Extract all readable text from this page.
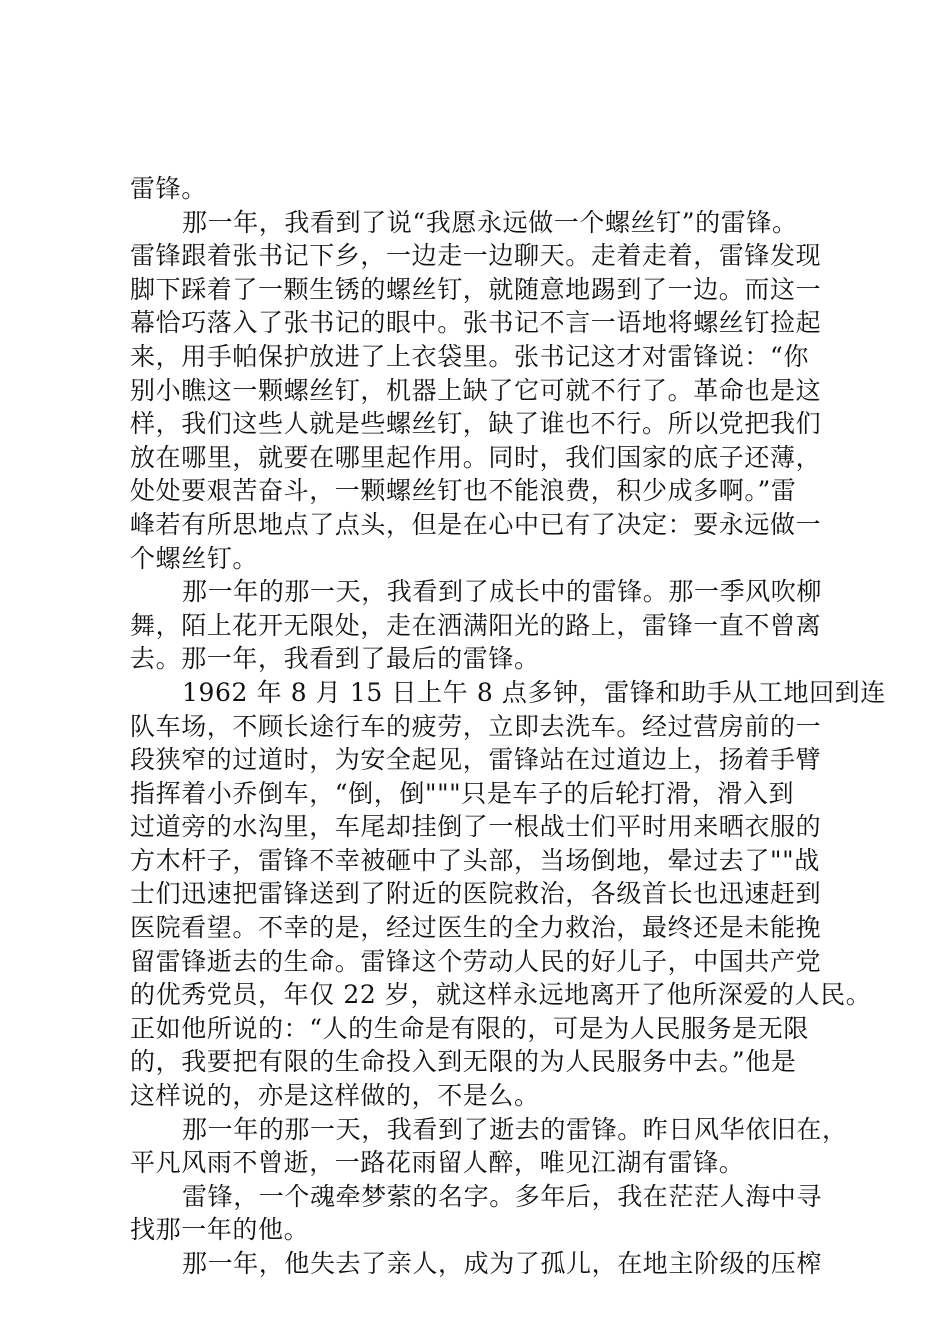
雷锋。
那一年，我看到了说“我愿永远做一个螺丝钉”的雷锋。
雷锋跟着张书记下乡，一边走一边聊天。走着走着，雷锋发现
脚下踩着了一颗生锈的螺丝钉，就随意地踢到了一边。而这一
幕恰巧落入了张书记的眼中。张书记不言一语地将螺丝钉捡起
来，用手帕保护放进了上衣袋里。张书记这才对雷锋说：“你
别小瞧这一颗螺丝钉，机器上缺了它可就不行了。革命也是这
样，我们这些人就是些螺丝钉，缺了谁也不行。所以党把我们
放在哪里，就要在哪里起作用。同时，我们国家的底子还薄，
处处要艰苦奋斗，一颗螺丝钉也不能浪费，积少成多啊。”雷
峰若有所思地点了点头，但是在心中已有了决定：要永远做一
个螺丝钉。
那一年的那一天，我看到了成长中的雷锋。那一季风吹柳
舞，陌上花开无限处，走在洒满阳光的路上，雷锋一直不曾离
去。那一年，我看到了最后的雷锋。
1962 年 8 月 15 日上午 8 点多钟，雷锋和助手从工地回到连
队车场，不顾长途行车的疲劳，立即去洗车。经过营房前的一
段狭窄的过道时，为安全起见，雷锋站在过道边上，扬着手臂
指挥着小乔倒车，“倒，倒"""只是车子的后轮打滑，滑入到
过道旁的水沟里，车尾却挂倒了一根战士们平时用来晒衣服的
方木杆子，雷锋不幸被砸中了头部，当场倒地，晕过去了""战
士们迅速把雷锋送到了附近的医院救治，各级首长也迅速赶到
医院看望。不幸的是，经过医生的全力救治，最终还是未能挽
留雷锋逝去的生命。雷锋这个劳动人民的好儿子，中国共产党
的优秀党员，年仅 22 岁，就这样永远地离开了他所深爱的人民。
正如他所说的：“人的生命是有限的，可是为人民服务是无限
的，我要把有限的生命投入到无限的为人民服务中去。”他是
这样说的，亦是这样做的，不是么。
那一年的那一天，我看到了逝去的雷锋。昨日风华依旧在，
平凡风雨不曾逝，一路花雨留人醉，唯见江湖有雷锋。
雷锋，一个魂牵梦萦的名字。多年后，我在茫茫人海中寻
找那一年的他。
那一年，他失去了亲人，成为了孤儿，在地主阶级的压榨
